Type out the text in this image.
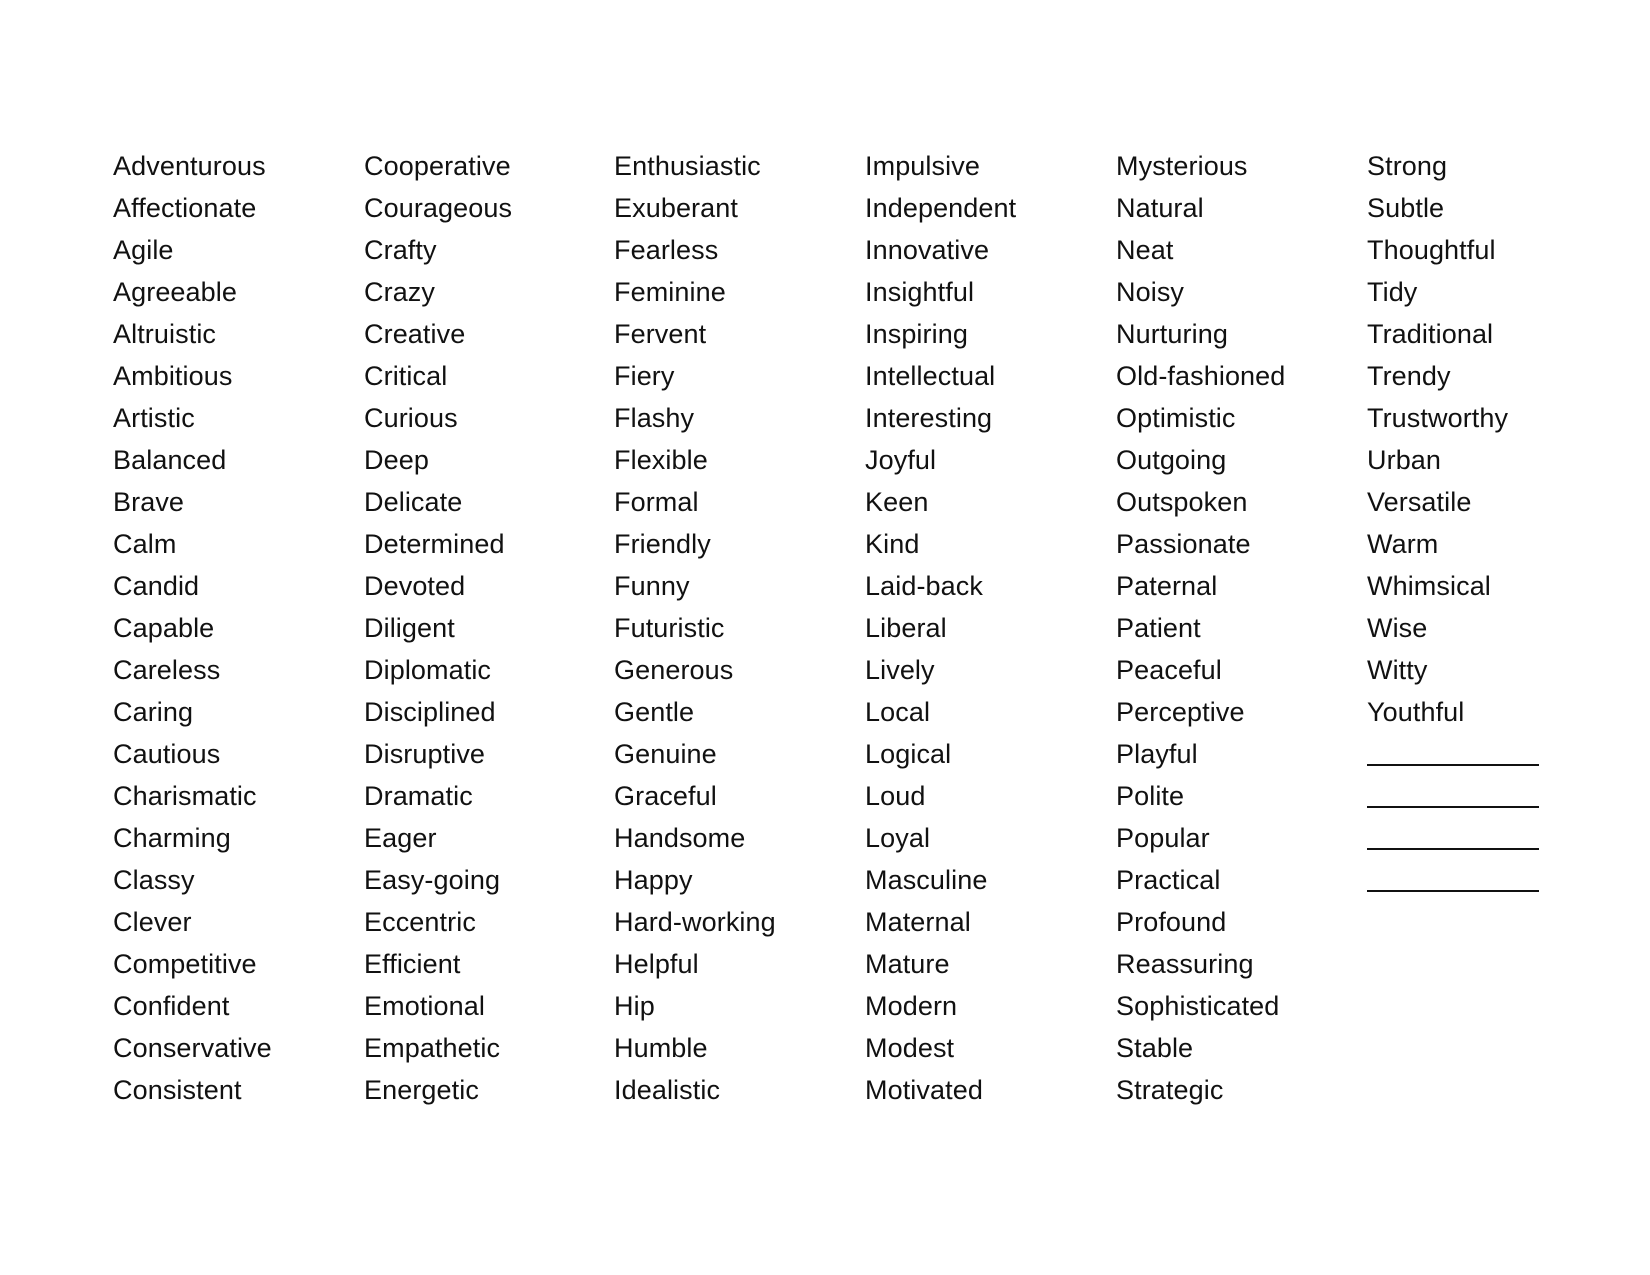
Adventurous
Affectionate
Agile
Agreeable
Altruistic
Ambitious
Artistic
Balanced
Brave
Calm
Candid
Capable
Careless
Caring
Cautious
Charismatic
Charming
Classy
Clever
Competitive
Confident
Conservative
Consistent
Cooperative
Courageous
Crafty
Crazy
Creative
Critical
Curious
Deep
Delicate
Determined
Devoted
Diligent
Diplomatic
Disciplined
Disruptive
Dramatic
Eager
Easy-going
Eccentric
Efficient
Emotional
Empathetic
Energetic
Enthusiastic
Exuberant
Fearless
Feminine
Fervent
Fiery
Flashy
Flexible
Formal
Friendly
Funny
Futuristic
Generous
Gentle
Genuine
Graceful
Handsome
Happy
Hard-working
Helpful
Hip
Humble
Idealistic
Impulsive
Independent
Innovative
Insightful
Inspiring
Intellectual
Interesting
Joyful
Keen
Kind
Laid-back
Liberal
Lively
Local
Logical
Loud
Loyal
Masculine
Maternal
Mature
Modern
Modest
Motivated
Mysterious
Natural
Neat
Noisy
Nurturing
Old-fashioned
Optimistic
Outgoing
Outspoken
Passionate
Paternal
Patient
Peaceful
Perceptive
Playful
Polite
Popular
Practical
Profound
Reassuring
Sophisticated
Stable
Strategic
Strong
Subtle
Thoughtful
Tidy
Traditional
Trendy
Trustworthy
Urban
Versatile
Warm
Whimsical
Wise
Witty
Youthful
